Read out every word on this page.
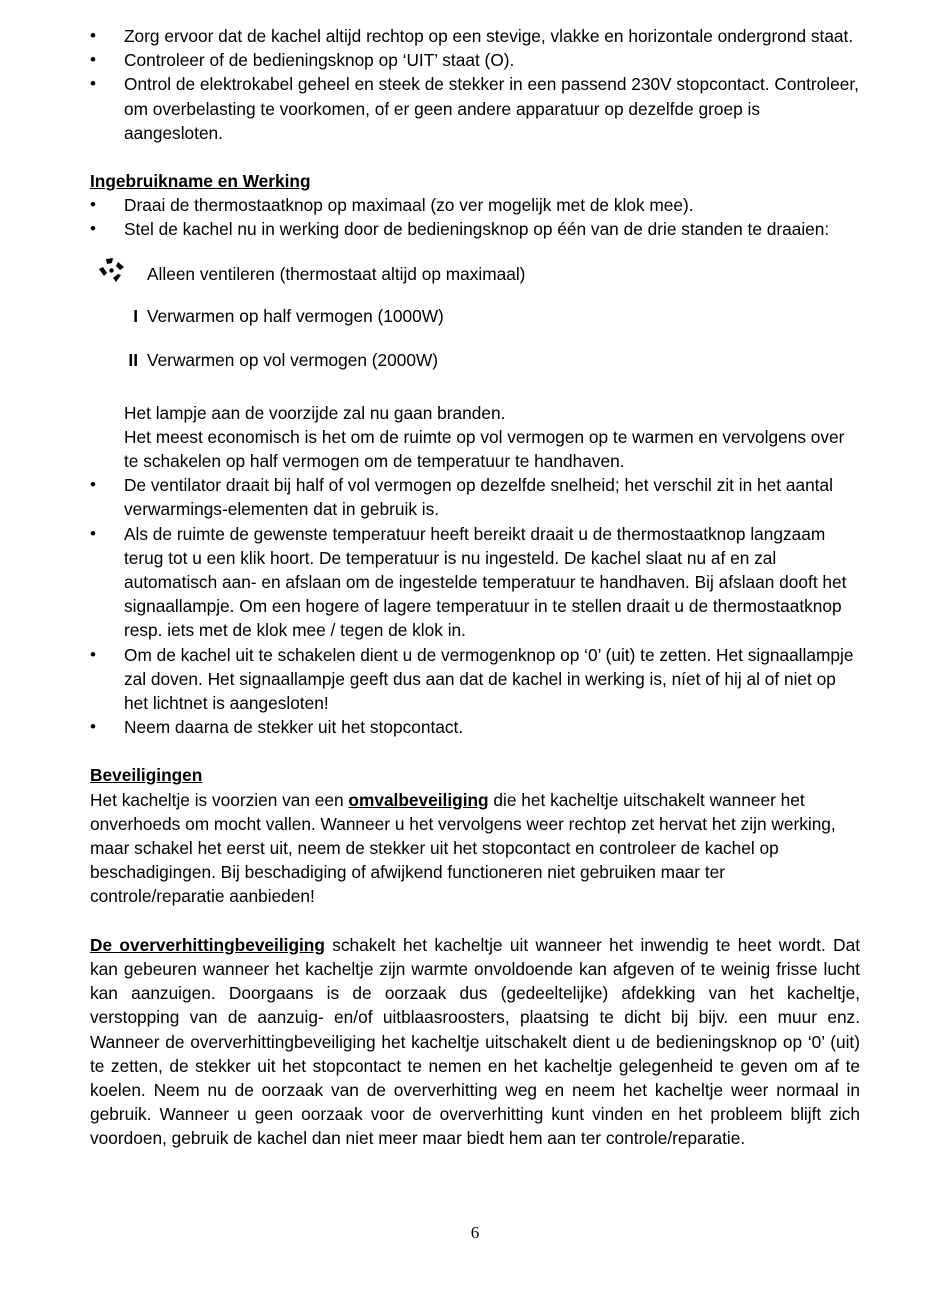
• Zorg ervoor dat de kachel altijd rechtop op een stevige, vlakke en horizontale ondergrond staat.
• Controleer of de bedieningsknop op ‘UIT’ staat (O).
• Ontrol de elektrokabel geheel en steek de stekker in een passend 230V stopcontact. Controleer, om overbelasting te voorkomen, of er geen andere apparatuur op dezelfde groep is aangesloten.

Ingebruikname en Werking

• Draai de thermostaatknop op maximaal (zo ver mogelijk met de klok mee).
• Stel de kachel nu in werking door de bedieningsknop op één van de drie standen te draaien:
Alleen ventileren (thermostaat altijd op maximaal)
I Verwarmen op half vermogen (1000W)
II Verwarmen op vol vermogen (2000W)

Het lampje aan de voorzijde zal nu gaan branden.

Het meest economisch is het om de ruimte op vol vermogen op te warmen en vervolgens over te schakelen op half vermogen om de temperatuur te handhaven.

• De ventilator draait bij half of vol vermogen op dezelfde snelheid; het verschil zit in het aantal verwarmings-elementen dat in gebruik is.
• Als de ruimte de gewenste temperatuur heeft bereikt draait u de thermostaatknop langzaam terug tot u een klik hoort. De temperatuur is nu ingesteld. De kachel slaat nu af en zal automatisch aan- en afslaan om de ingestelde temperatuur te handhaven. Bij afslaan dooft het signaallampje. Om een hogere of lagere temperatuur in te stellen draait u de thermostaatknop resp. iets met de klok mee / tegen de klok in.
• Om de kachel uit te schakelen dient u de vermogenknop op ‘0’ (uit) te zetten. Het signaallampje zal doven. Het signaallampje geeft dus aan dat de kachel in werking is, níet of hij al of niet op het lichtnet is aangesloten!
• Neem daarna de stekker uit het stopcontact.

Beveiligingen

Het kacheltje is voorzien van een omvalbeveiliging die het kacheltje uitschakelt wanneer het onverhoeds om mocht vallen. Wanneer u het vervolgens weer rechtop zet hervat het zijn werking, maar schakel het eerst uit, neem de stekker uit het stopcontact en controleer de kachel op beschadigingen. Bij beschadiging of afwijkend functioneren niet gebruiken maar ter controle/reparatie aanbieden!

De oververhittingbeveiliging schakelt het kacheltje uit wanneer het inwendig te heet wordt. Dat kan gebeuren wanneer het kacheltje zijn warmte onvoldoende kan afgeven of te weinig frisse lucht kan aanzuigen. Doorgaans is de oorzaak dus (gedeeltelijke) afdekking van het kacheltje, verstopping van de aanzuig- en/of uitblaasroosters, plaatsing te dicht bij bijv. een muur enz. Wanneer de oververhittingbeveiliging het kacheltje uitschakelt dient u de bedieningsknop op ‘0’ (uit) te zetten, de stekker uit het stopcontact te nemen en het kacheltje gelegenheid te geven om af te koelen. Neem nu de oorzaak van de oververhitting weg en neem het kacheltje weer normaal in gebruik. Wanneer u geen oorzaak voor de oververhitting kunt vinden en het probleem blijft zich voordoen, gebruik de kachel dan niet meer maar biedt hem aan ter controle/reparatie.

6
